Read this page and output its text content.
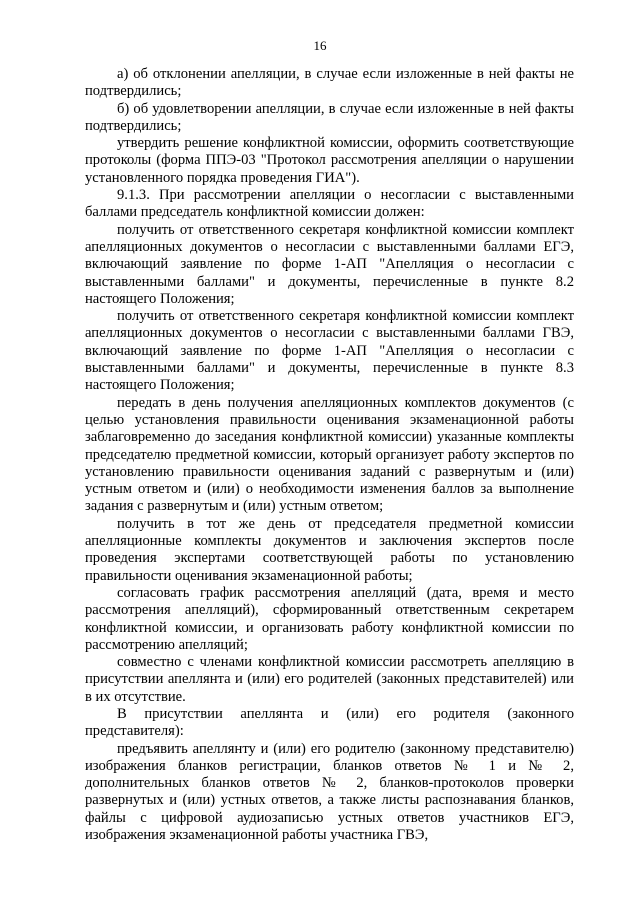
16

а) об отклонении апелляции, в случае если изложенные в ней факты не подтвердились;

б) об удовлетворении апелляции, в случае если изложенные в ней факты подтвердились;

утвердить решение конфликтной комиссии, оформить соответствующие протоколы (форма ППЭ-03 "Протокол рассмотрения апелляции о нарушении установленного порядка проведения ГИА").

9.1.3. При рассмотрении апелляции о несогласии с выставленными баллами председатель конфликтной комиссии должен:

получить от ответственного секретаря конфликтной комиссии комплект апелляционных документов о несогласии с выставленными баллами ЕГЭ, включающий заявление по форме 1-АП "Апелляция о несогласии с выставленными баллами" и документы, перечисленные в пункте 8.2 настоящего Положения;

получить от ответственного секретаря конфликтной комиссии комплект апелляционных документов о несогласии с выставленными баллами ГВЭ, включающий заявление по форме 1-АП "Апелляция о несогласии с выставленными баллами" и документы, перечисленные в пункте 8.3 настоящего Положения;

передать в день получения апелляционных комплектов документов (с целью установления правильности оценивания экзаменационной работы заблаговременно до заседания конфликтной комиссии) указанные комплекты председателю предметной комиссии, который организует работу экспертов по установлению правильности оценивания заданий с развернутым и (или) устным ответом и (или) о необходимости изменения баллов за выполнение задания с развернутым и (или) устным ответом;

получить в тот же день от председателя предметной комиссии апелляционные комплекты документов и заключения экспертов после проведения экспертами соответствующей работы по установлению правильности оценивания экзаменационной работы;

согласовать график рассмотрения апелляций (дата, время и место рассмотрения апелляций), сформированный ответственным секретарем конфликтной комиссии, и организовать работу конфликтной комиссии по рассмотрению апелляций;

совместно с членами конфликтной комиссии рассмотреть апелляцию в присутствии апеллянта и (или) его родителей (законных представителей) или в их отсутствие.

В присутствии апеллянта и (или) его родителя (законного представителя):

предъявить апеллянту и (или) его родителю (законному представителю) изображения бланков регистрации, бланков ответов № 1 и № 2, дополнительных бланков ответов № 2, бланков-протоколов проверки развернутых и (или) устных ответов, а также листы распознавания бланков, файлы с цифровой аудиозаписью устных ответов участников ЕГЭ, изображения экзаменационной работы участника ГВЭ,
